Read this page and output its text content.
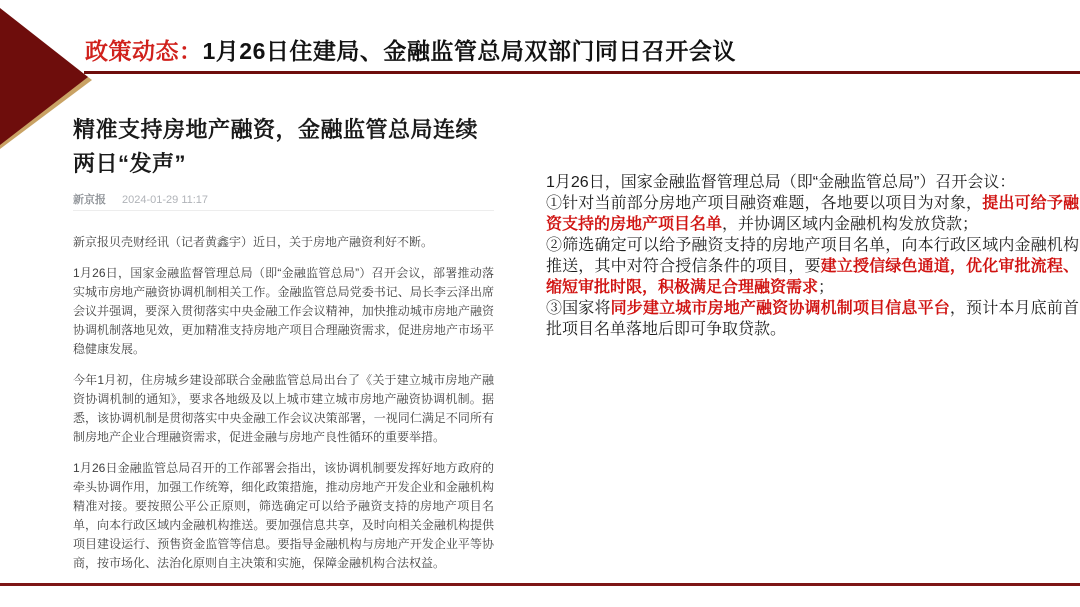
政策动态：1月26日住建局、金融监管总局双部门同日召开会议
精准支持房地产融资，金融监管总局连续两日“发声”
新京报 2024-01-29 11:17

新京报贝壳财经讯（记者黄鑫宇）近日，关于房地产融资利好不断。

1月26日，国家金融监督管理总局（即“金融监管总局”）召开会议，部署推动落实城市房地产融资协调机制相关工作。金融监管总局党委书记、局长李云泽出席会议并强调，要深入贯彻落实中央金融工作会议精神，加快推动城市房地产融资协调机制落地见效，更加精准支持房地产项目合理融资需求，促进房地产市场平稳健康发展。

今年1月初，住房城乡建设部联合金融监管总局出台了《关于建立城市房地产融资协调机制的通知》，要求各地级及以上城市建立城市房地产融资协调机制。据悉，该协调机制是贯彻落实中央金融工作会议决策部署，一视同仁满足不同所有制房地产企业合理融资需求，促进金融与房地产良性循环的重要举措。

1月26日金融监管总局召开的工作部署会指出，该协调机制要发挥好地方政府的牵头协调作用，加强工作统筹，细化政策措施，推动房地产开发企业和金融机构精准对接。要按照公平公正原则，筛选确定可以给予融资支持的房地产项目名单，向本行政区域内金融机构推送。要加强信息共享，及时向相关金融机构提供项目建设运行、预售资金监管等信息。要指导金融机构与房地产开发企业平等协商，按市场化、法治化原则自主决策和实施，保障金融机构合法权益。

1月26日，国家金融监督管理总局（即“金融监管总局”）召开会议：

①针对当前部分房地产项目融资难题，各地要以项目为对象，提出可给予融资支持的房地产项目名单，并协调区域内金融机构发放贷款；

②筛选确定可以给予融资支持的房地产项目名单，向本行政区域内金融机构推送，其中对符合授信条件的项目，要建立授信绿色通道，优化审批流程、缩短审批时限，积极满足合理融资需求；

③国家将同步建立城市房地产融资协调机制项目信息平台，预计本月底前首批项目名单落地后即可争取贷款。
